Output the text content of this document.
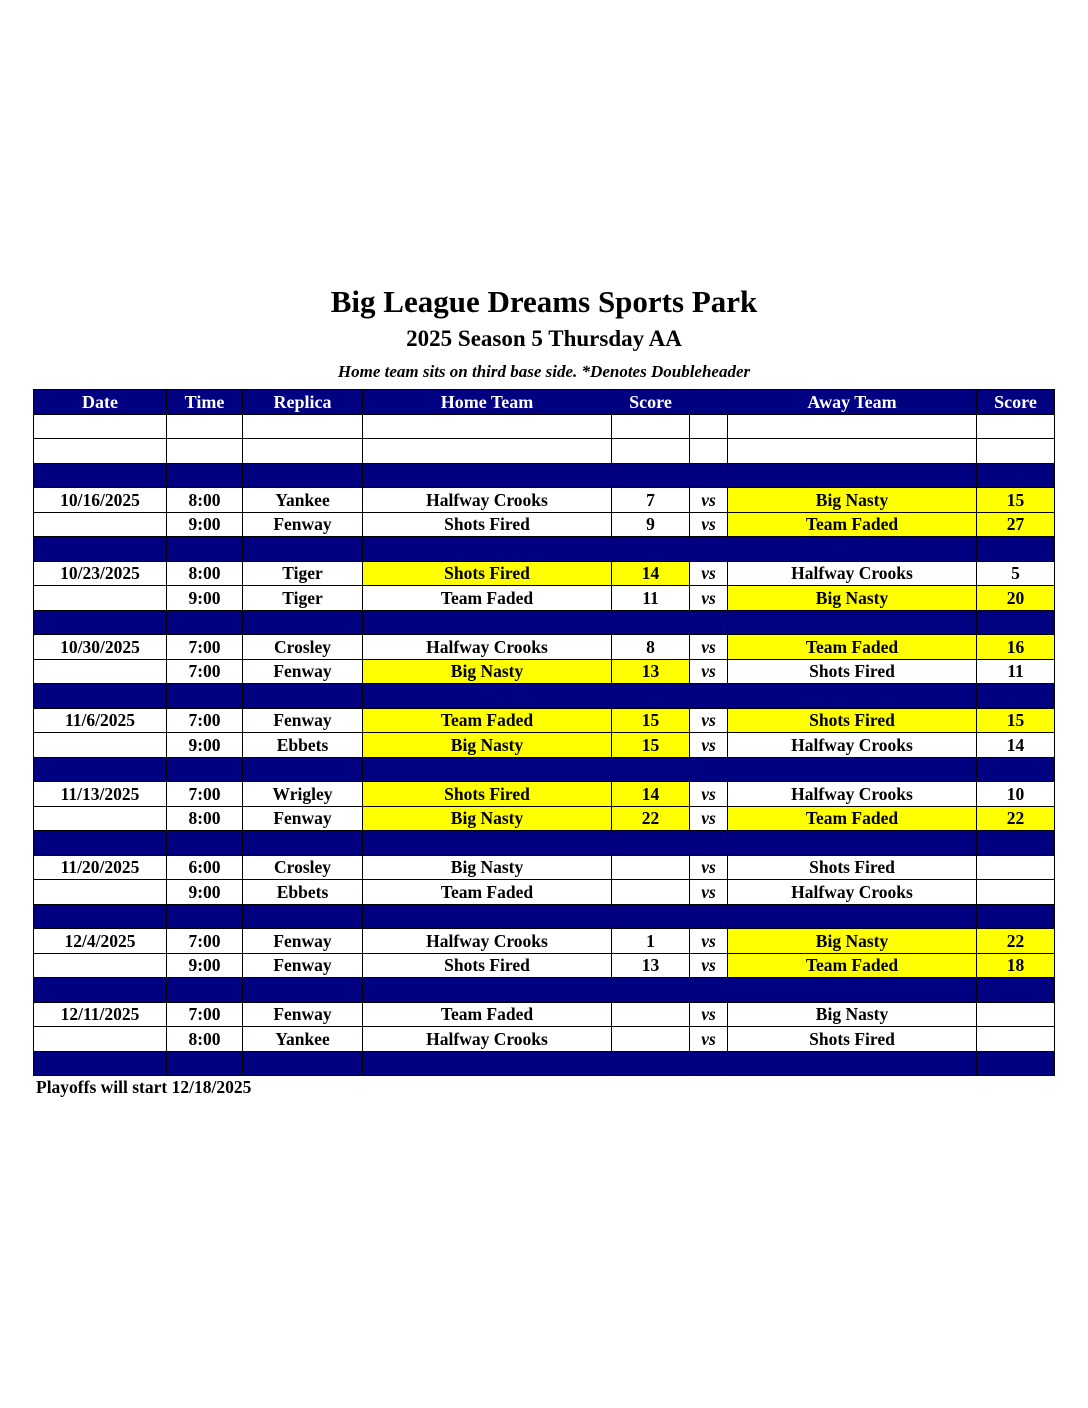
Big League Dreams Sports Park
2025 Season 5 Thursday AA
Home team sits on third base side. *Denotes Doubleheader
Date	Time	Replica	Home Team	Score		Away Team	Score

10/16/2025	8:00	Yankee	Halfway Crooks	7	vs	Big Nasty	15
	9:00	Fenway	Shots Fired	9	vs	Team Faded	27

10/23/2025	8:00	Tiger	Shots Fired	14	vs	Halfway Crooks	5
	9:00	Tiger	Team Faded	11	vs	Big Nasty	20

10/30/2025	7:00	Crosley	Halfway Crooks	8	vs	Team Faded	16
	7:00	Fenway	Big Nasty	13	vs	Shots Fired	11

11/6/2025	7:00	Fenway	Team Faded	15	vs	Shots Fired	15
	9:00	Ebbets	Big Nasty	15	vs	Halfway Crooks	14

11/13/2025	7:00	Wrigley	Shots Fired	14	vs	Halfway Crooks	10
	8:00	Fenway	Big Nasty	22	vs	Team Faded	22

11/20/2025	6:00	Crosley	Big Nasty		vs	Shots Fired	
	9:00	Ebbets	Team Faded		vs	Halfway Crooks	

12/4/2025	7:00	Fenway	Halfway Crooks	1	vs	Big Nasty	22
	9:00	Fenway	Shots Fired	13	vs	Team Faded	18

12/11/2025	7:00	Fenway	Team Faded		vs	Big Nasty	
	8:00	Yankee	Halfway Crooks		vs	Shots Fired	

Playoffs will start 12/18/2025
